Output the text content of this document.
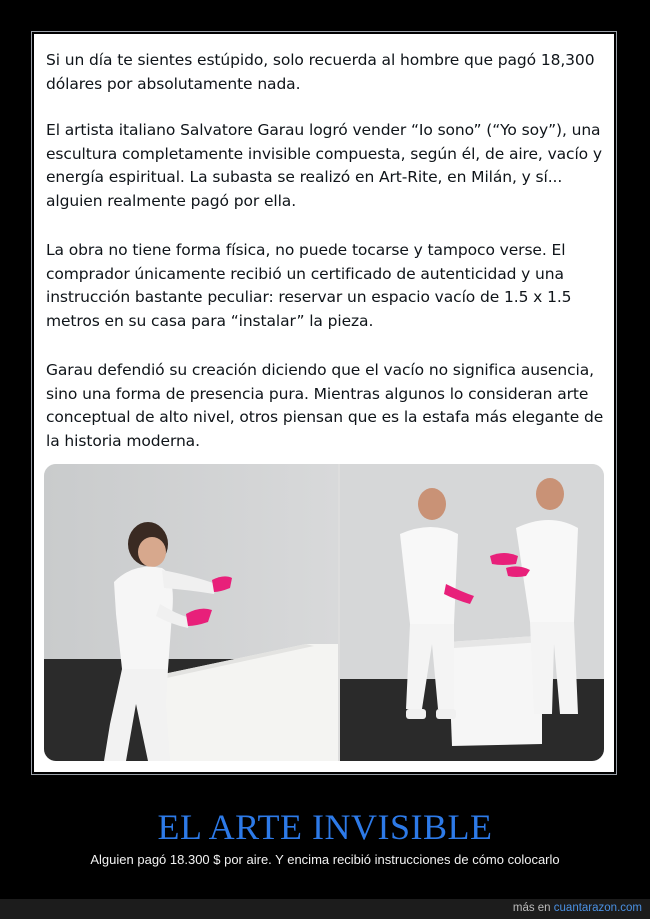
Si un día te sientes estúpido, solo recuerda al hombre que pagó 18,300
dólares por absolutamente nada.

El artista italiano Salvatore Garau logró vender “Io sono” (“Yo soy”), una
escultura completamente invisible compuesta, según él, de aire, vacío y
energía espiritual. La subasta se realizó en Art-Rite, en Milán, y sí...
alguien realmente pagó por ella.

La obra no tiene forma física, no puede tocarse y tampoco verse. El
comprador únicamente recibió un certificado de autenticidad y una
instrucción bastante peculiar: reservar un espacio vacío de 1.5 x 1.5
metros en su casa para “instalar” la pieza.

Garau defendió su creación diciendo que el vacío no significa ausencia,
sino una forma de presencia pura. Mientras algunos lo consideran arte
conceptual de alto nivel, otros piensan que es la estafa más elegante de
la historia moderna.

EL ARTE INVISIBLE
Alguien pagó 18.300 $ por aire. Y encima recibió instrucciones de cómo colocarlo
más en cuantarazon.com
